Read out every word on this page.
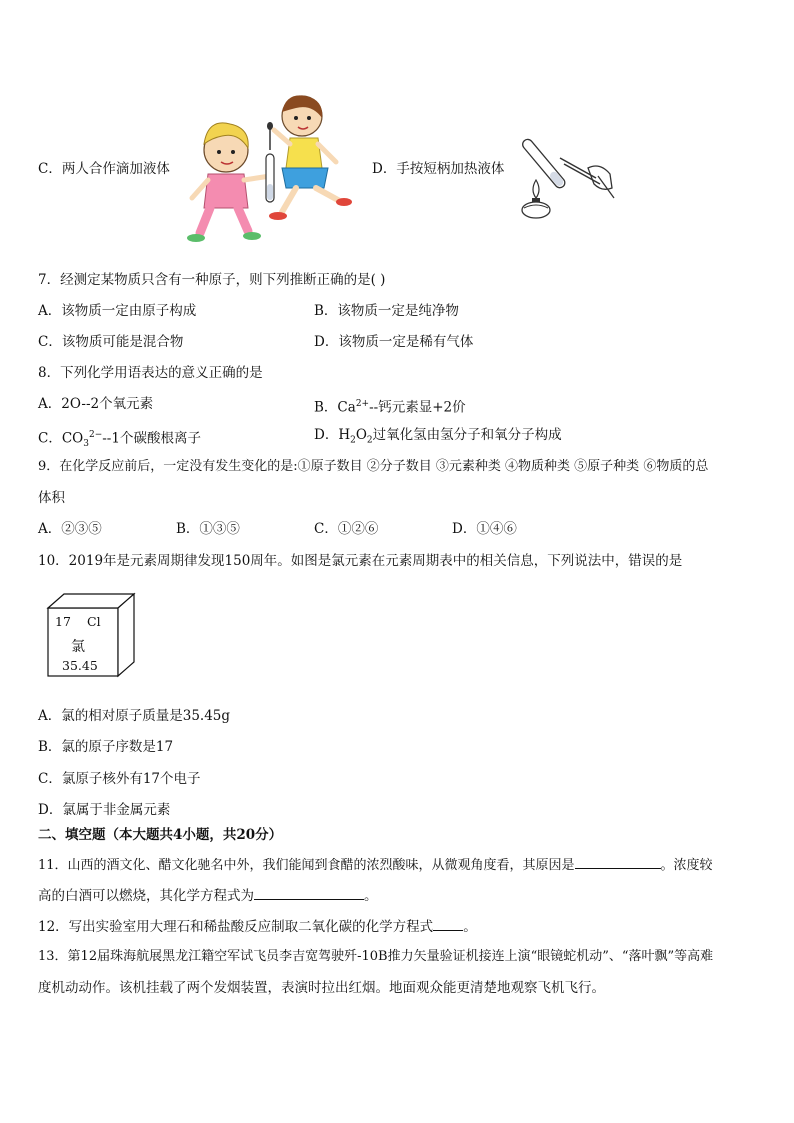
C．两人合作滴加液体	D．手按短柄加热液体
7．经测定某物质只含有一种原子，则下列推断正确的是( )
A．该物质一定由原子构成	B．该物质一定是纯净物
C．该物质可能是混合物	D．该物质一定是稀有气体
8．下列化学用语表达的意义正确的是
A．2O--2个氧元素	B．$Ca^{2+}--$钙元素显+2价
C．$CO_3^{2-}--1$个碳酸根离子	D．$H_2O_2$过氧化氢由氢分子和氧分子构成
9．在化学反应前后，一定没有发生变化的是:①原子数目 ②分子数目 ③元素种类 ④物质种类 ⑤原子种类 ⑥物质的总
体积
A．②③⑤	B．①③⑤	C．①②⑥	D．①④⑥
10．2019年是元素周期律发现150周年。如图是氯元素在元素周期表中的相关信息，下列说法中，错误的是
17 Cl
氯
35.45
A．氯的相对原子质量是35.45g
B．氯的原子序数是17
C．氯原子核外有17个电子
D．氯属于非金属元素
二、填空题（本大题共4小题，共20分）
11．山西的酒文化、醋文化驰名中外，我们能闻到食醋的浓烈酸味，从微观角度看，其原因是	。浓度较
高的白酒可以燃烧，其化学方程式为	。
12．写出实验室用大理石和稀盐酸反应制取二氧化碳的化学方程式 。
13．第12届珠海航展黑龙江籍空军试飞员李吉宽驾驶歼-10B推力矢量验证机接连上演“眼镜蛇机动”、“落叶飘”等高难
度机动动作。该机挂载了两个发烟装置，表演时拉出红烟。地面观众能更清楚地观察飞机飞行。
